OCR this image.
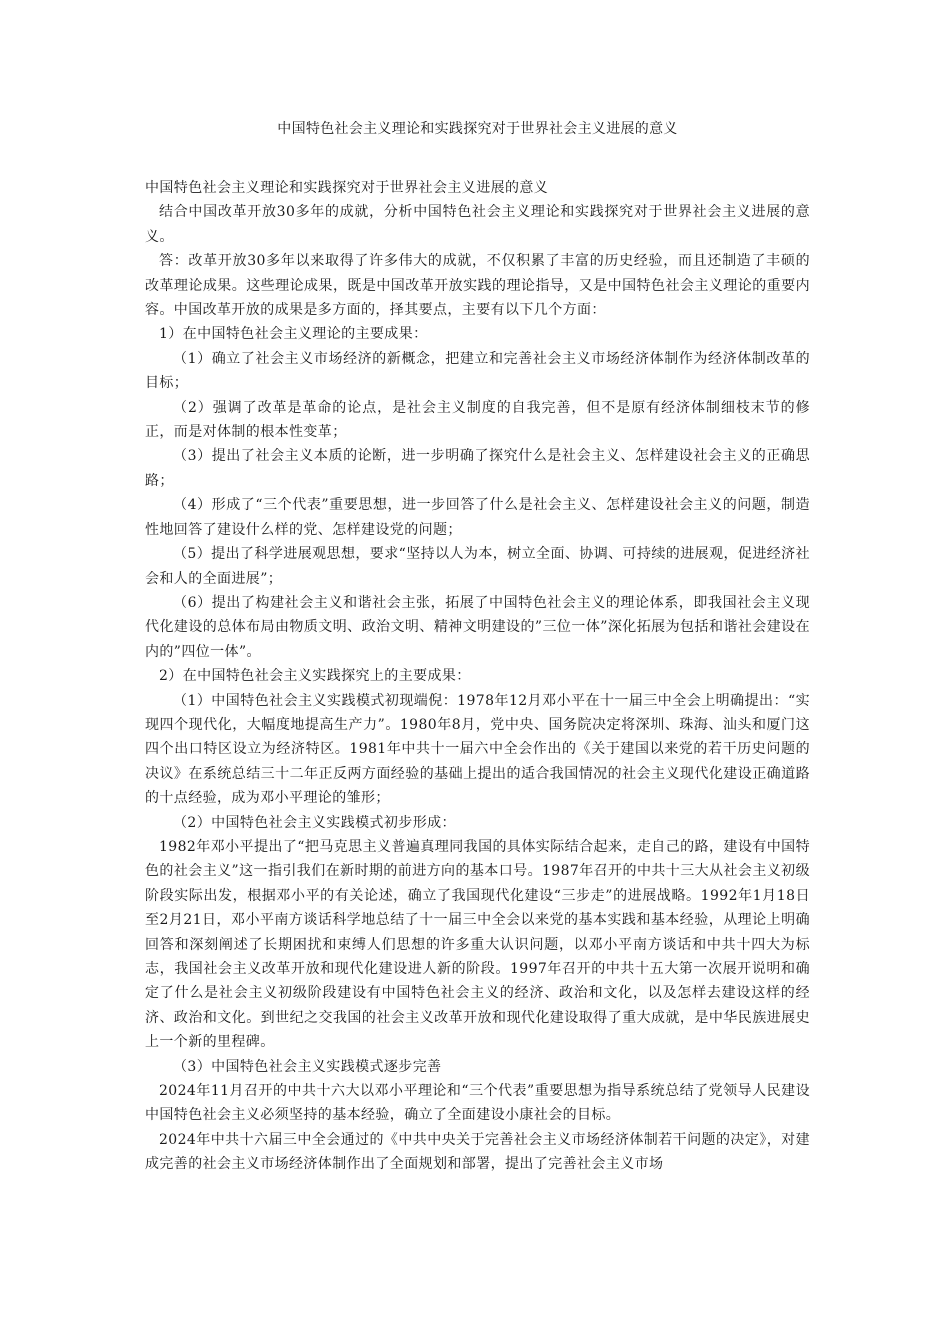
中国特色社会主义理论和实践探究对于世界社会主义进展的意义

中国特色社会主义理论和实践探究对于世界社会主义进展的意义

结合中国改革开放30多年的成就，分析中国特色社会主义理论和实践探究对于世界社会主义进展的意义。

答：改革开放30多年以来取得了许多伟大的成就，不仅积累了丰富的历史经验，而且还制造了丰硕的改革理论成果。这些理论成果，既是中国改革开放实践的理论指导，又是中国特色社会主义理论的重要内容。中国改革开放的成果是多方面的，择其要点，主要有以下几个方面：

1）在中国特色社会主义理论的主要成果：

（1）确立了社会主义市场经济的新概念，把建立和完善社会主义市场经济体制作为经济体制改革的目标；

（2）强调了改革是革命的论点，是社会主义制度的自我完善，但不是原有经济体制细枝末节的修正，而是对体制的根本性变革；

（3）提出了社会主义本质的论断，进一步明确了探究什么是社会主义、怎样建设社会主义的正确思路；

（4）形成了“三个代表”重要思想，进一步回答了什么是社会主义、怎样建设社会主义的问题，制造性地回答了建设什么样的党、怎样建设党的问题；

（5）提出了科学进展观思想，要求“坚持以人为本，树立全面、协调、可持续的进展观，促进经济社会和人的全面进展”；

（6）提出了构建社会主义和谐社会主张，拓展了中国特色社会主义的理论体系，即我国社会主义现代化建设的总体布局由物质文明、政治文明、精神文明建设的”三位一体”深化拓展为包括和谐社会建设在内的”四位一体”。

2）在中国特色社会主义实践探究上的主要成果：

（1）中国特色社会主义实践模式初现端倪：1978年12月邓小平在十一届三中全会上明确提出：“实现四个现代化，大幅度地提高生产力”。1980年8月，党中央、国务院决定将深圳、珠海、汕头和厦门这四个出口特区设立为经济特区。1981年中共十一届六中全会作出的《关于建国以来党的若干历史问题的决议》在系统总结三十二年正反两方面经验的基础上提出的适合我国情况的社会主义现代化建设正确道路的十点经验，成为邓小平理论的雏形；

（2）中国特色社会主义实践模式初步形成：

1982年邓小平提出了“把马克思主义普遍真理同我国的具体实际结合起来，走自己的路，建设有中国特色的社会主义”这一指引我们在新时期的前进方向的基本口号。1987年召开的中共十三大从社会主义初级阶段实际出发，根据邓小平的有关论述，确立了我国现代化建设“三步走”的进展战略。1992年1月18日至2月21日，邓小平南方谈话科学地总结了十一届三中全会以来党的基本实践和基本经验，从理论上明确回答和深刻阐述了长期困扰和束缚人们思想的许多重大认识问题，以邓小平南方谈话和中共十四大为标志，我国社会主义改革开放和现代化建设进人新的阶段。1997年召开的中共十五大第一次展开说明和确定了什么是社会主义初级阶段建设有中国特色社会主义的经济、政治和文化，以及怎样去建设这样的经济、政治和文化。到世纪之交我国的社会主义改革开放和现代化建设取得了重大成就，是中华民族进展史上一个新的里程碑。

（3）中国特色社会主义实践模式逐步完善

2024年11月召开的中共十六大以邓小平理论和“三个代表”重要思想为指导系统总结了党领导人民建设中国特色社会主义必须坚持的基本经验，确立了全面建设小康社会的目标。

2024年中共十六届三中全会通过的《中共中央关于完善社会主义市场经济体制若干问题的决定》，对建成完善的社会主义市场经济体制作出了全面规划和部署，提出了完善社会主义市场
